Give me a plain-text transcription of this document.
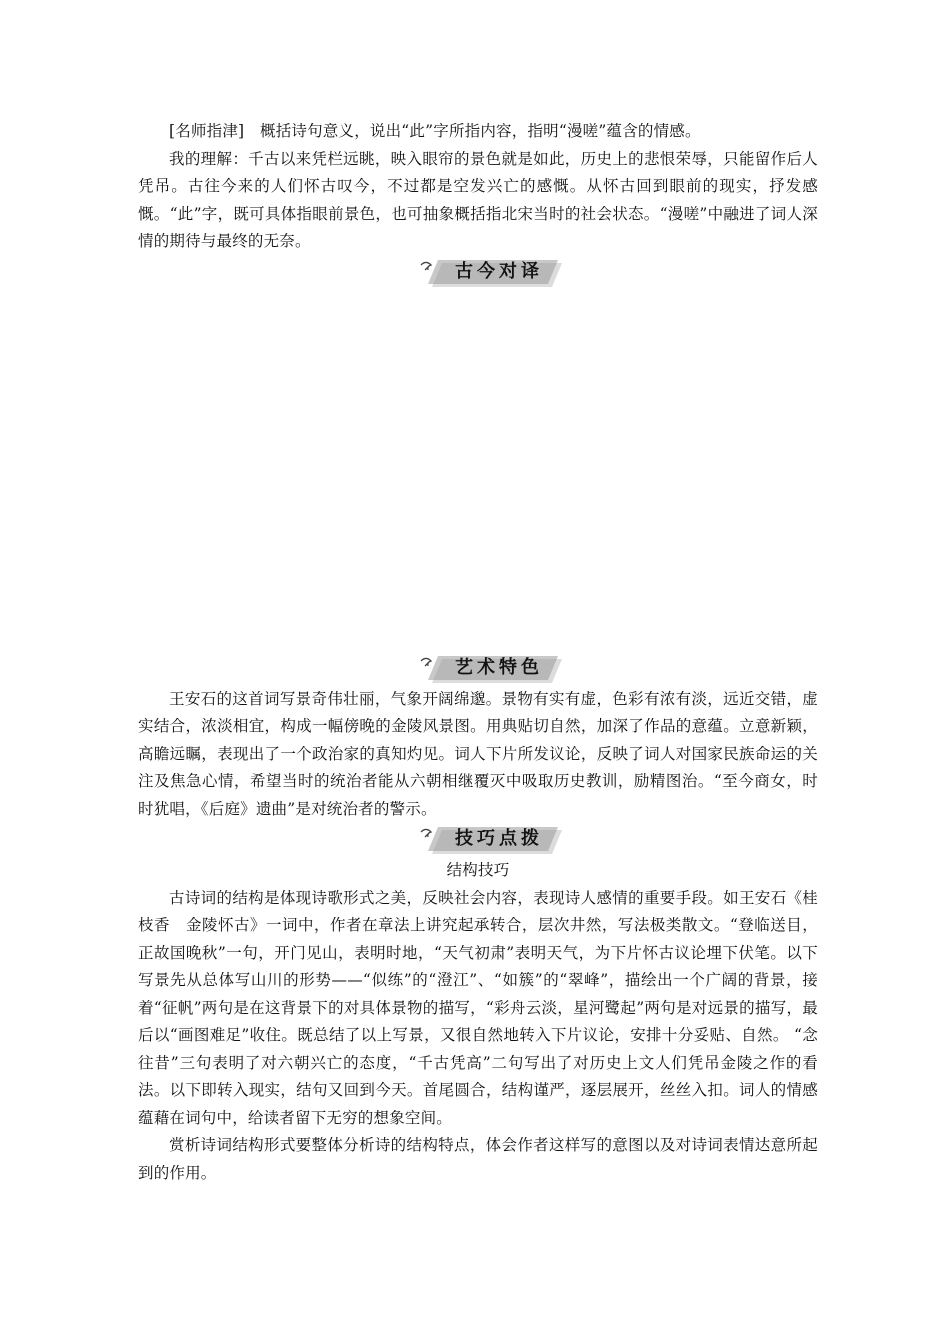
[名师指津]　概括诗句意义，说出“此”字所指内容，指明“漫嗟”蕴含的情感。

我的理解：千古以来凭栏远眺，映入眼帘的景色就是如此，历史上的悲恨荣辱，只能留作后人凭吊。古往今来的人们怀古叹今，不过都是空发兴亡的感慨。从怀古回到眼前的现实，抒发感慨。“此”字，既可具体指眼前景色，也可抽象概括指北宋当时的社会状态。“漫嗟”中融进了词人深情的期待与最终的无奈。

古今对译
艺术特色

王安石的这首词写景奇伟壮丽，气象开阔绵邈。景物有实有虚，色彩有浓有淡，远近交错，虚实结合，浓淡相宜，构成一幅傍晚的金陵风景图。用典贴切自然，加深了作品的意蕴。立意新颖，高瞻远瞩，表现出了一个政治家的真知灼见。词人下片所发议论，反映了词人对国家民族命运的关注及焦急心情，希望当时的统治者能从六朝相继覆灭中吸取历史教训，励精图治。“至今商女，时时犹唱，《后庭》遗曲”是对统治者的警示。

技巧点拨

结构技巧

古诗词的结构是体现诗歌形式之美，反映社会内容，表现诗人感情的重要手段。如王安石《桂枝香　金陵怀古》一词中，作者在章法上讲究起承转合，层次井然，写法极类散文。“登临送目，正故国晚秋”一句，开门见山，表明时地，“天气初肃”表明天气，为下片怀古议论埋下伏笔。以下写景先从总体写山川的形势——“似练”的“澄江”、“如簇”的“翠峰”，描绘出一个广阔的背景，接着“征帆”两句是在这背景下的对具体景物的描写，“彩舟云淡，星河鹭起”两句是对远景的描写，最后以“画图难足”收住。既总结了以上写景，又很自然地转入下片议论，安排十分妥贴、自然。 “念往昔”三句表明了对六朝兴亡的态度，“千古凭高”二句写出了对历史上文人们凭吊金陵之作的看法。以下即转入现实，结句又回到今天。首尾圆合，结构谨严，逐层展开，丝丝入扣。词人的情感蕴藉在词句中，给读者留下无穷的想象空间。

赏析诗词结构形式要整体分析诗的结构特点，体会作者这样写的意图以及对诗词表情达意所起到的作用。
